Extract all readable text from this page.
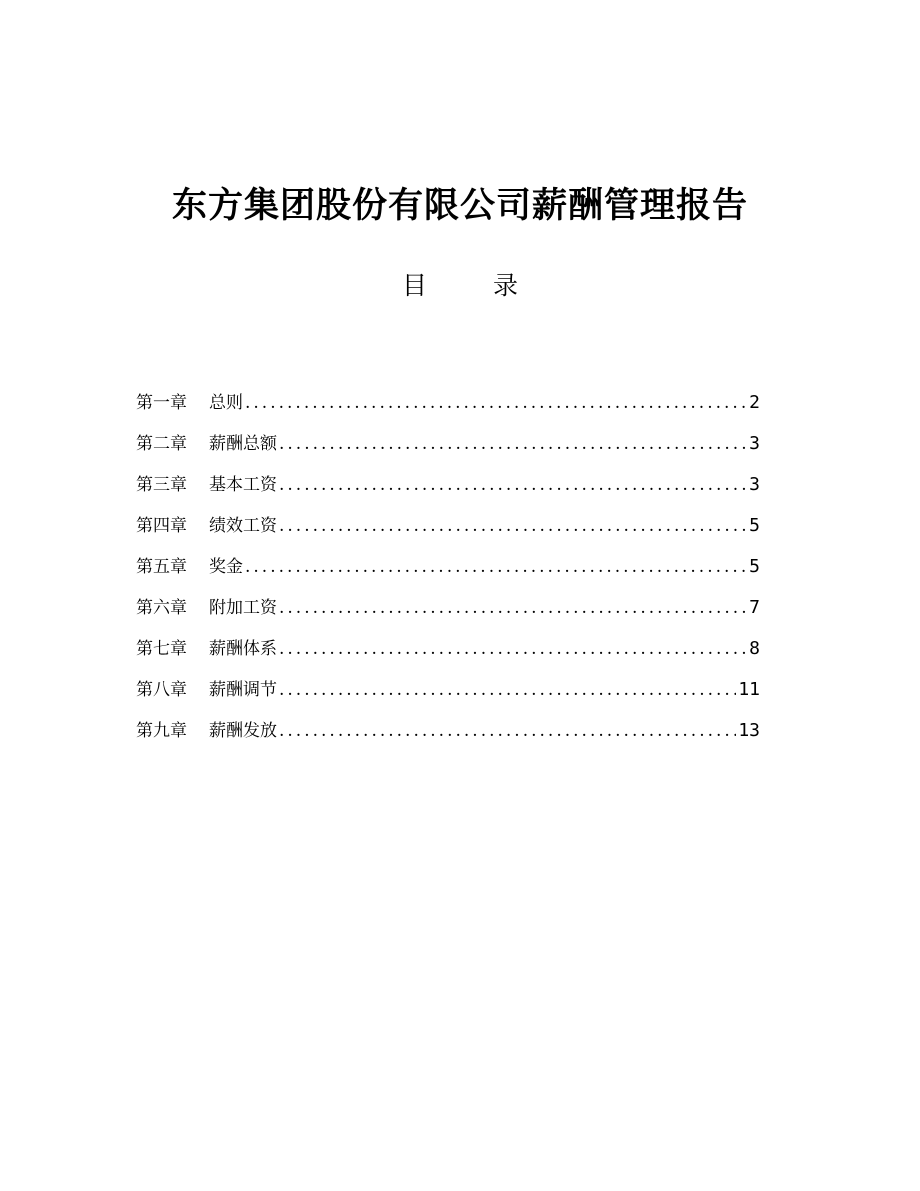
东方集团股份有限公司薪酬管理报告
目	录
第一章	总则 .....	2
第二章	薪酬总额 .....	3
第三章	基本工资 .....	3
第四章	绩效工资 .....	5
第五章	奖金 .....	5
第六章	附加工资 .....	7
第七章	薪酬体系 .....	8
第八章	薪酬调节 .....	11
第九章	薪酬发放 .....	13
